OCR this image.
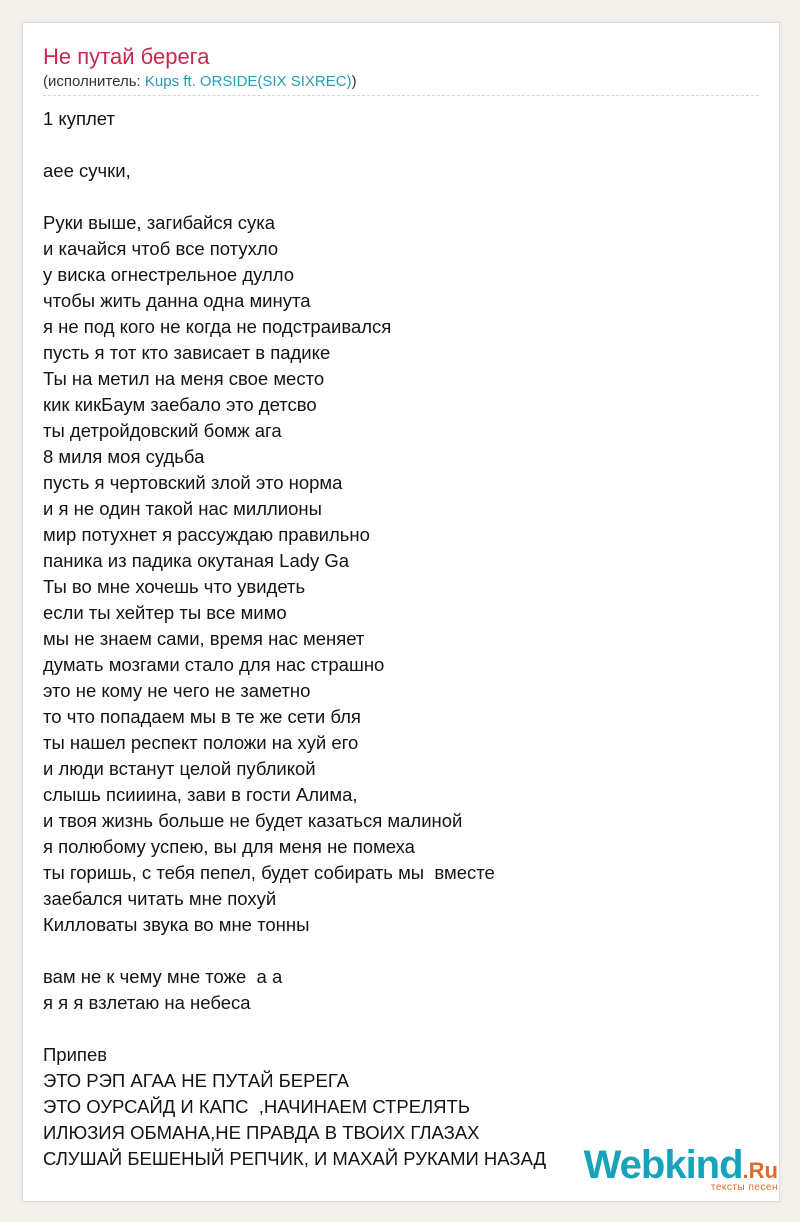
Не путай берега
(исполнитель: Kups ft. ORSIDE(SIX SIXREC))
1 куплет
аее сучки,
Руки выше, загибайся сука
и качайся чтоб все потухло
у виска огнестрельное дулло
чтобы жить данна одна минута
я не под кого не когда не подстраивался
пусть я тот кто зависает в падике
Ты на метил на меня свое место
кик кикБаум заебало это детсво
ты детройдовский бомж ага
8 миля моя судьба
пусть я чертовский злой это норма
и я не один такой нас миллионы
мир потухнет я рассуждаю правильно
паника из падика окутаная Lady Ga
Ты во мне хочешь что увидеть
если ты хейтер ты все мимо
мы не знаем сами, время нас меняет
думать мозгами стало для нас страшно
это не кому не чего не заметно
то что попадаем мы в те же сети бля
ты нашел респект положи на хуй его
и люди встанут целой публикой
слышь псииина, зави в гости Алима,
и твоя жизнь больше не будет казаться малиной
я полюбому успею, вы для меня не помеха
ты горишь, с тебя пепел, будет собирать мы  вместе
заебался читать мне похуй
Килловаты звука во мне тонны
вам не к чему мне тоже  а а
я я я взлетаю на небеса
Припев
ЭТО РЭП АГАА НЕ ПУТАЙ БЕРЕГА
ЭТО ОУРСАЙД И КАПС  ,НАЧИНАЕМ СТРЕЛЯТЬ
ИЛЮЗИЯ ОБМАНА,НЕ ПРАВДА В ТВОИХ ГЛАЗАХ
СЛУШАЙ БЕШЕНЫЙ РЕПЧИК, И МАХАЙ РУКАМИ НАЗАД Webkind.Ru
тексты песен
